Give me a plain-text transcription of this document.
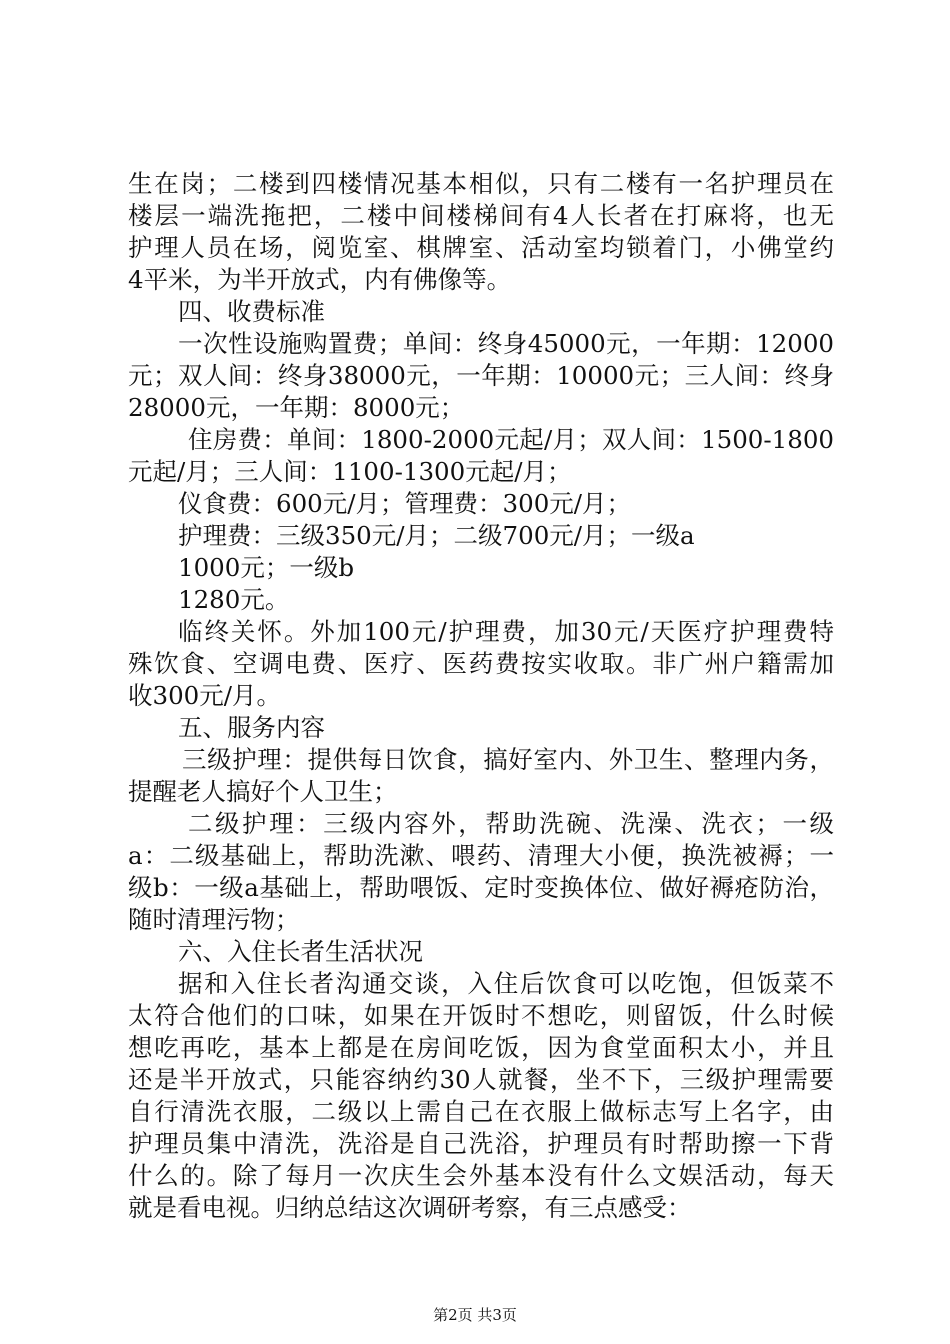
生在岗；二楼到四楼情况基本相似，只有二楼有一名护理员在
楼层一端洗拖把，二楼中间楼梯间有4人长者在打麻将，也无
护理人员在场，阅览室、棋牌室、活动室均锁着门，小佛堂约
4平米，为半开放式，内有佛像等。
四、收费标准
一次性设施购置费；单间：终身45000元，一年期：12000
元；双人间：终身38000元，一年期：10000元；三人间：终身
28000元，一年期：8000元；
住房费：单间：1800-2000元起/月；双人间：1500-1800
元起/月；三人间：1100-1300元起/月；
仪食费：600元/月；管理费：300元/月；
护理费：三级350元/月；二级700元/月；一级a
1000元；一级b
1280元。
临终关怀。外加100元/护理费，加30元/天医疗护理费特
殊饮食、空调电费、医疗、医药费按实收取。非广州户籍需加
收300元/月。
五、服务内容
三级护理：提供每日饮食，搞好室内、外卫生、整理内务，
提醒老人搞好个人卫生；
二级护理：三级内容外，帮助洗碗、洗澡、洗衣；一级
a：二级基础上，帮助洗漱、喂药、清理大小便，换洗被褥；一
级b：一级a基础上，帮助喂饭、定时变换体位、做好褥疮防治，
随时清理污物；
六、入住长者生活状况
据和入住长者沟通交谈，入住后饮食可以吃饱，但饭菜不
太符合他们的口味，如果在开饭时不想吃，则留饭，什么时候
想吃再吃，基本上都是在房间吃饭，因为食堂面积太小，并且
还是半开放式，只能容纳约30人就餐，坐不下，三级护理需要
自行清洗衣服，二级以上需自己在衣服上做标志写上名字，由
护理员集中清洗，洗浴是自己洗浴，护理员有时帮助擦一下背
什么的。除了每月一次庆生会外基本没有什么文娱活动，每天
就是看电视。归纳总结这次调研考察，有三点感受：
第2页 共3页
